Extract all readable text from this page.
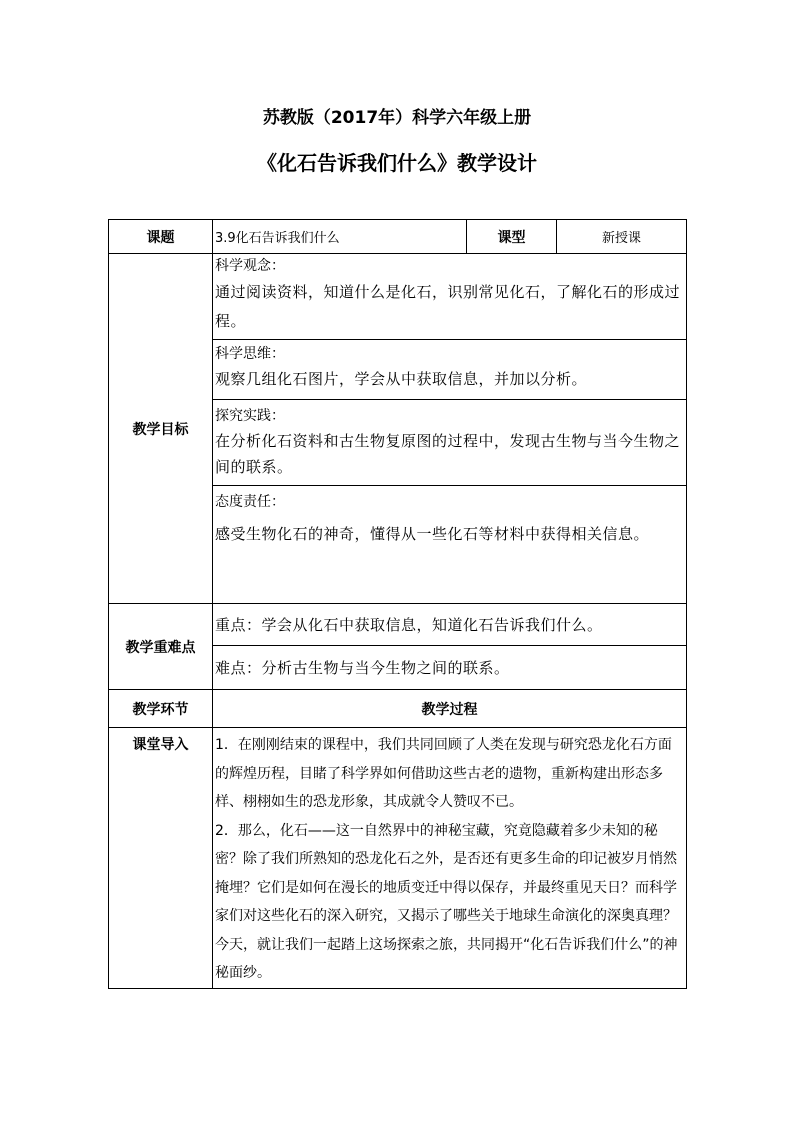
苏教版（2017年）科学六年级上册
《化石告诉我们什么》教学设计
课题	3.9化石告诉我们什么	课型	新授课
教学目标	科学观念：
通过阅读资料，知道什么是化石，识别常见化石，了解化石的形成过程。		

	科学思维：
观察几组化石图片，学会从中获取信息，并加以分析。		

	探究实践：
在分析化石资料和古生物复原图的过程中，发现古生物与当今生物之间的联系。		

	态度责任：
感受生物化石的神奇，懂得从一些化石等材料中获得相关信息。		

教学重难点	重点：学会从化石中获取信息，知道化石告诉我们什么。		
	难点：分析古生物与当今生物之间的联系。		
教学环节	教学过程		
课堂导入	1．在刚刚结束的课程中，我们共同回顾了人类在发现与研究恐龙化石方面的辉煌历程，目睹了科学界如何借助这些古老的遗物，重新构建出形态多样、栩栩如生的恐龙形象，其成就令人赞叹不已。

2．那么，化石——这一自然界中的神秘宝藏，究竟隐藏着多少未知的秘密？除了我们所熟知的恐龙化石之外，是否还有更多生命的印记被岁月悄然掩埋？它们是如何在漫长的地质变迁中得以保存，并最终重见天日？而科学家们对这些化石的深入研究，又揭示了哪些关于地球生命演化的深奥真理？今天，就让我们一起踏上这场探索之旅，共同揭开“化石告诉我们什么”的神秘面纱。		
